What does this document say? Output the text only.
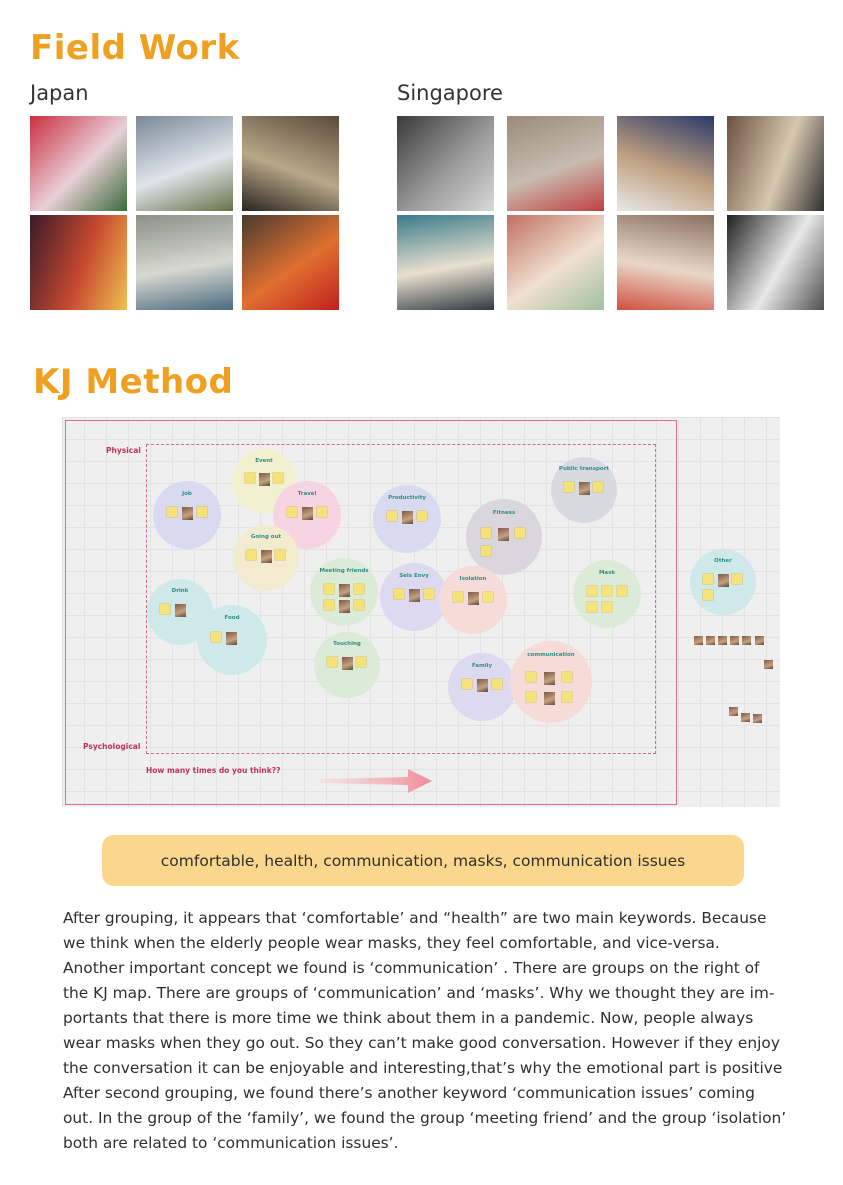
Field Work
Japan	Singapore
KJ Method
Physical
Psychological
How many times do you think??
Event
Job	Travel
Going out
Productivity
Fitness
Public transport
Drink
Food
Meeting friends
Sels Envy	Isolation
Mask
Other
Touching
Family
communication
comfortable, health, communication, masks, communication issues
After grouping, it appears that ‘comfortable’ and “health” are two main keywords. Because
we think when the elderly people wear masks, they feel comfortable, and vice-versa.
Another important concept we found is ‘communication’ . There are groups on the right of
the KJ map. There are groups of ‘communication’ and ‘masks’. Why we thought they are im-
portants that there is more time we think about them in a pandemic. Now, people always
wear masks when they go out. So they can’t make good conversation. However if they enjoy
the conversation it can be enjoyable and interesting,that’s why the emotional part is positive
After second grouping, we found there’s another keyword ‘communication issues’ coming
out. In the group of the ‘family’, we found the group ‘meeting friend’ and the group ‘isolation’
both are related to ‘communication issues’.
